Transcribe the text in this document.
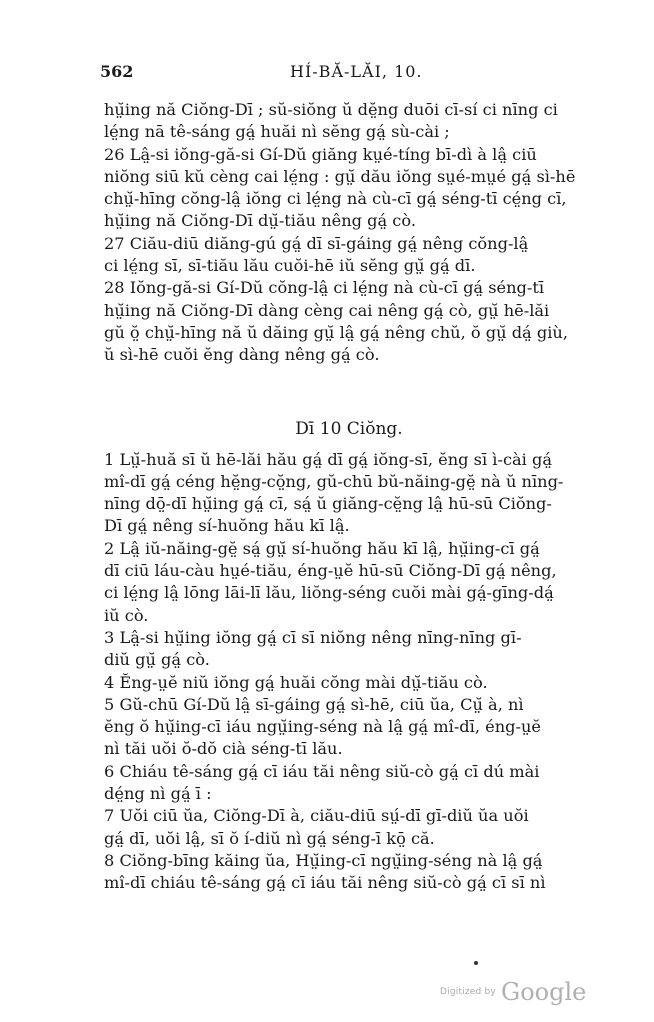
562	HÍ-BĂ-LĂI, 10.
hṳ̆ing nă Ciŏng-Dī ; sŭ-siŏng ŭ dĕ̤ng duōi cī-sí ci nīng ci
lé̤ng nā tê-sáng gá̤ huăi nì sĕng gá̤ sù-cài ;
26 Lâ̤-si iŏng-gă-si Gí-Dŭ giăng kṳé-tíng bī-dì à lâ̤ ciū
niŏng siū kŭ cèng cai lé̤ng : gṳ̆ dău iŏng sṳé-mṳé gá̤ sì-hē
chṳ̆-hīng cŏng-lâ̤ iŏng ci lé̤ng nà cù-cī gá̤ séng-tī cé̤ng cī,
hṳ̆ing nă Ciŏng-Dī dṳ̆-tiău nêng gá̤ cò.
27 Ciău-diū diăng-gú gá̤ dī sī-gáing gá̤ nêng cŏng-lâ̤
ci lé̤ng sī, sī-tiău lău cuŏi-hē iŭ sĕng gṳ̆ gá̤ dī.
28 Iŏng-gă-si Gí-Dŭ cŏng-lâ̤ ci lé̤ng nà cù-cī gá̤ séng-tī
hṳ̆ing nă Ciŏng-Dī dàng cèng cai nêng gá̤ cò, gṳ̆ hē-lăi
gŭ ŏ̤ chṳ̆-hīng nă ŭ dăing gṳ̆ lâ̤ gá̤ nêng chŭ, ŏ gṳ̆ dá̤ giù,
ŭ sì-hē cuŏi ĕng dàng nêng gá̤ cò.
Dī 10 Ciŏng.
1 Lṳ̆-huă sī ŭ hē-lăi hău gá̤ dī gá̤ iŏng-sī, ĕng sī ì-cài gá̤
mî-dī gá̤ céng hĕ̤ng-cŏ̤ng, gŭ-chū bŭ-năing-gĕ̤ nà ŭ nīng-
nīng dō̤-dī hṳ̆ing gá̤ cī, sá̤ ŭ giăng-cĕ̤ng lâ̤ hū-sū Ciŏng-
Dī gá̤ nêng sí-huŏng hău kī lâ̤.
2 Lâ̤ iŭ-năing-gĕ̤ sá̤ gṳ̆ sí-huŏng hău kī lâ̤, hṳ̆ing-cī gá̤
dī ciū láu-càu hṳé-tiău, éng-ṳĕ hū-sū Ciŏng-Dī gá̤ nêng,
ci lé̤ng lâ̤ lōng lāi-lī lău, liŏng-séng cuŏi mài gá̤-gīng-dá̤
iŭ cò.
3 Lâ̤-si hṳ̆ing iŏng gá̤ cī sī niŏng nêng nīng-nīng gī-
diŭ gṳ̆ gá̤ cò.
4 Ĕng-ṳĕ niŭ iŏng gá̤ huăi cŏng mài dṳ̆-tiău cò.
5 Gŭ-chū Gí-Dŭ lâ̤ sī-gáing gá̤ sì-hē, ciū ŭa, Cṳ̆ à, nì
ĕng ŏ hṳ̆ing-cī iáu ngṳ̆ing-séng nà lâ̤ gá̤ mî-dī, éng-ṳĕ
nì tăi uŏi ŏ-dŏ cià séng-tī lău.
6 Chiáu tê-sáng gá̤ cī iáu tăi nêng siŭ-cò gá̤ cī dú mài
dé̤ng nì gá̤ ī :
7 Uŏi ciū ŭa, Ciŏng-Dī à, ciău-diū sṳ́-dī gī-diŭ ŭa uŏi
gá̤ dī, uŏi lâ̤, sī ŏ í-diŭ nì gá̤ séng-ī kō̤ că.
8 Ciŏng-bīng kăing ŭa, Hṳ̆ing-cī ngṳ̆ing-séng nà lâ̤ gá̤
mî-dī chiáu tê-sáng gá̤ cī iáu tăi nêng siŭ-cò gá̤ cī sī nì
Digitized by Google
